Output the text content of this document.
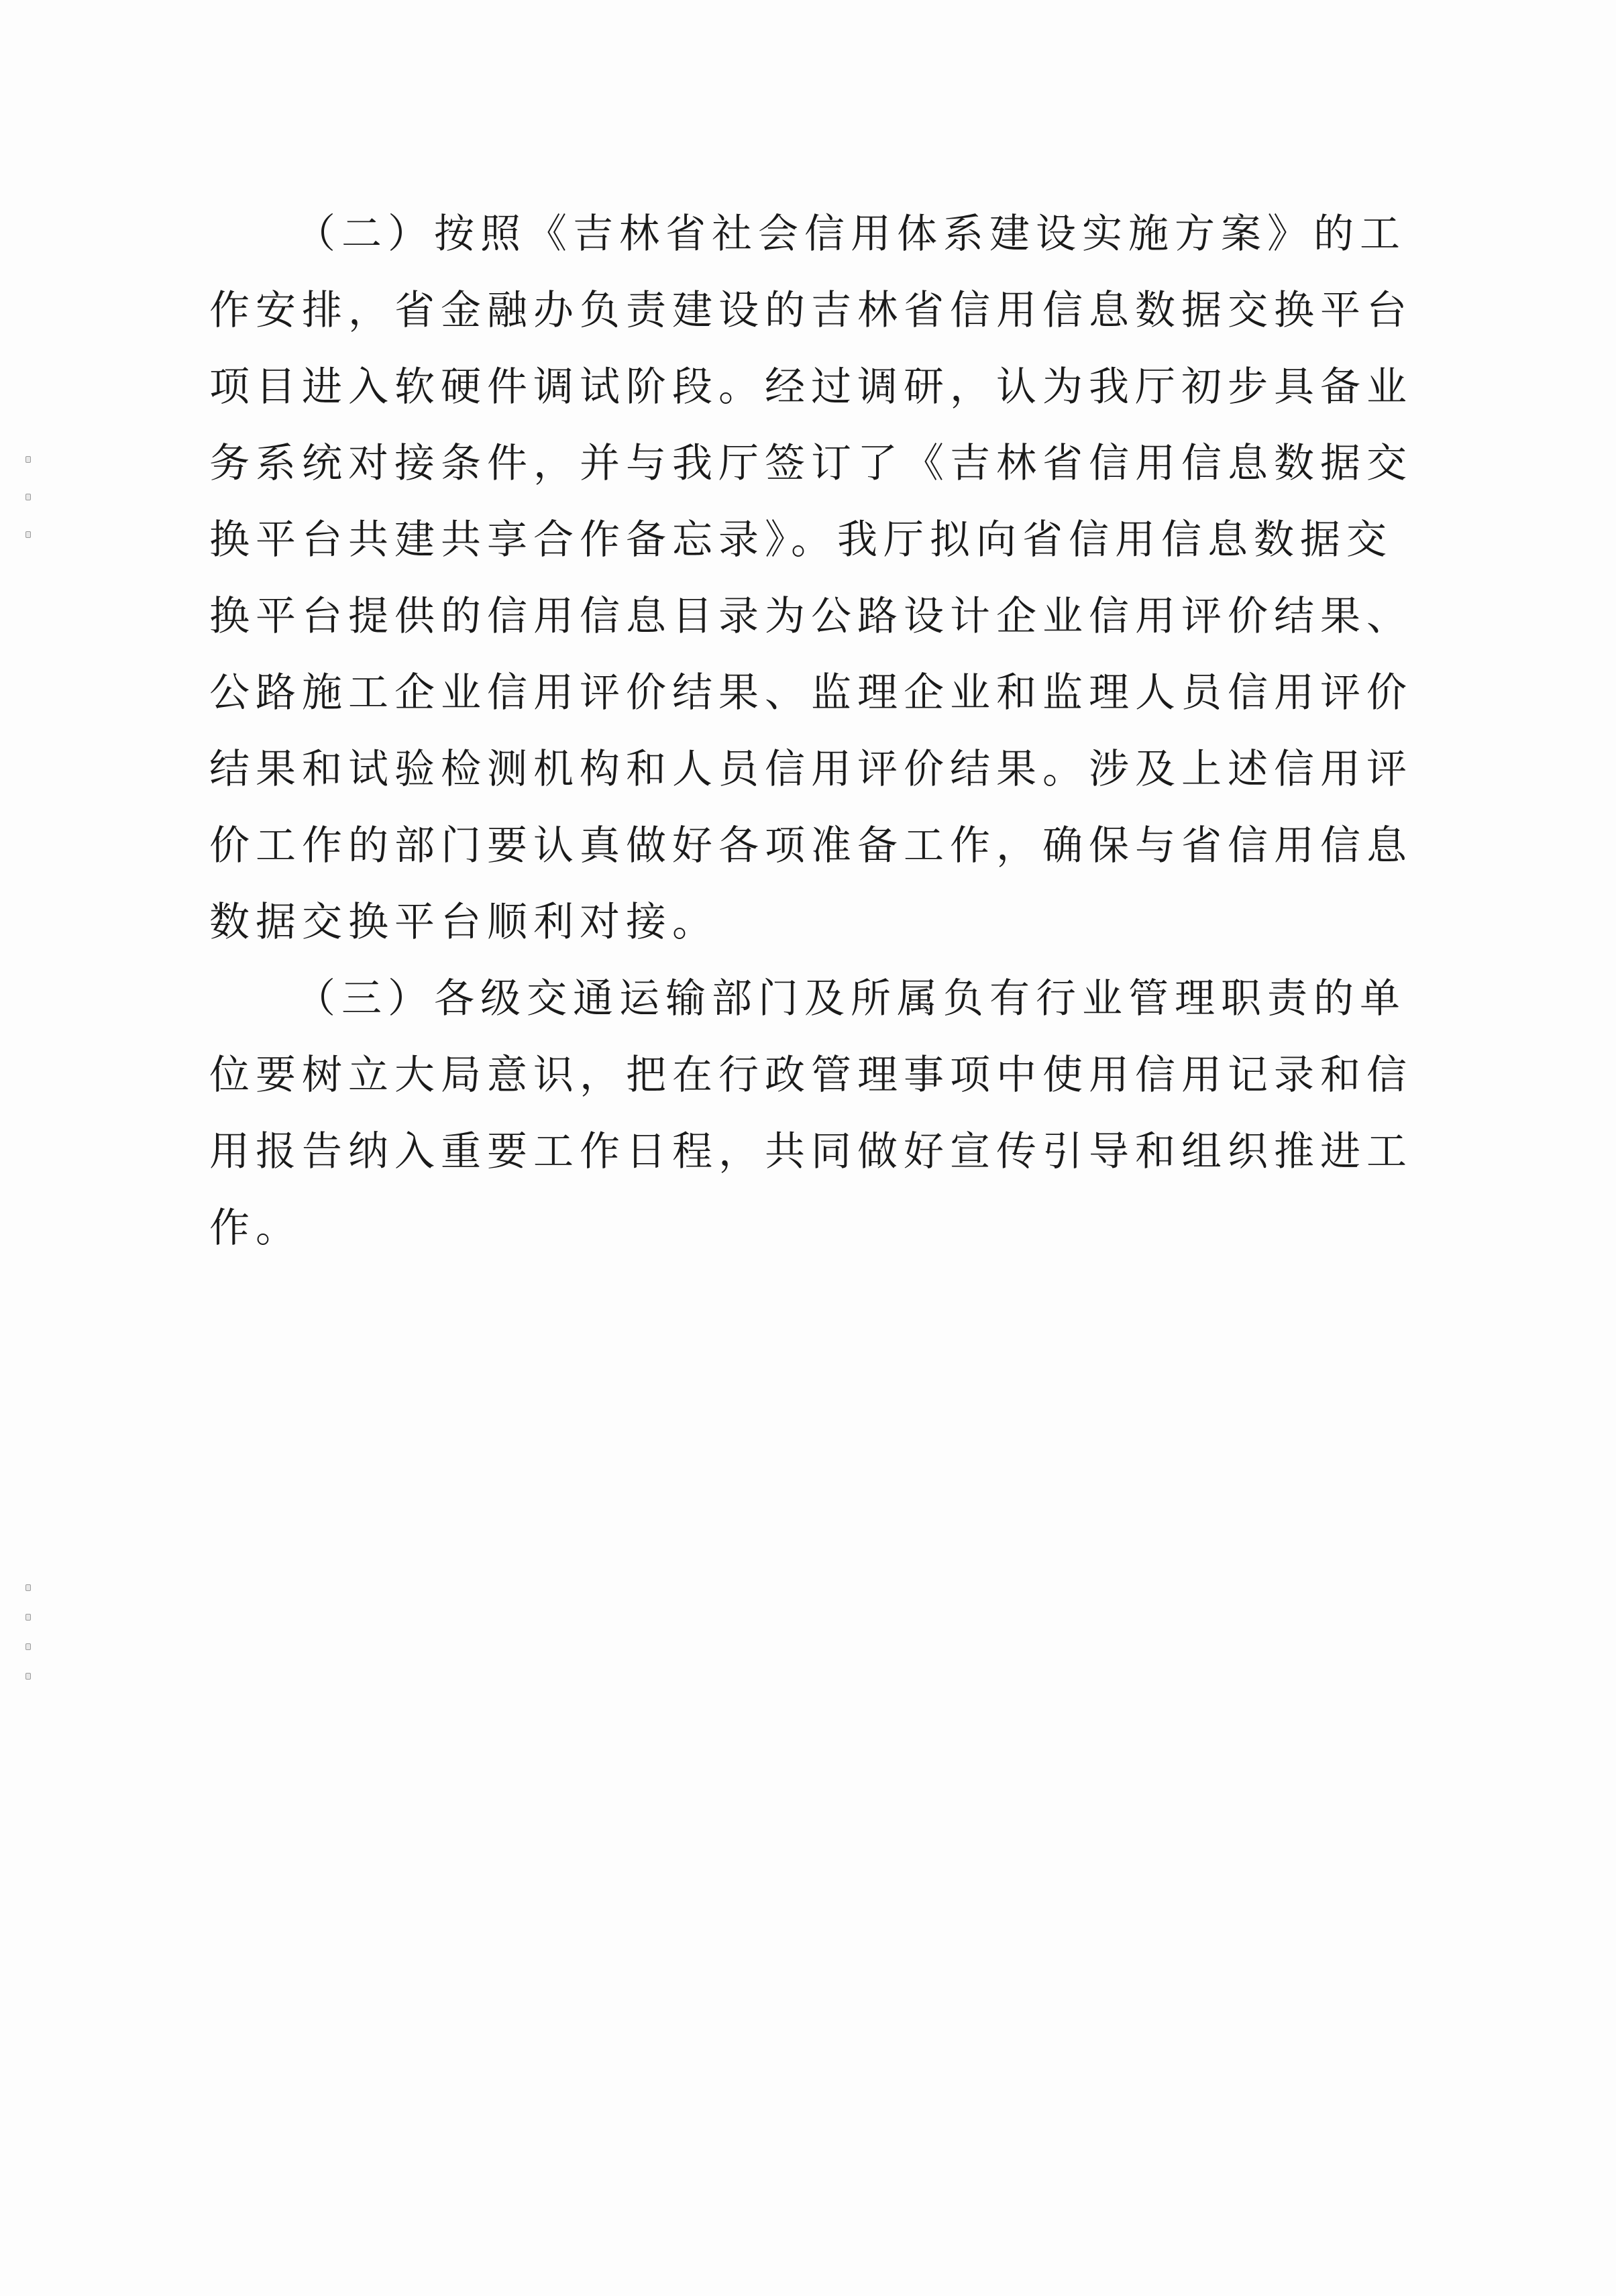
（二）按照《吉林省社会信用体系建设实施方案》的工
作安排，省金融办负责建设的吉林省信用信息数据交换平台
项目进入软硬件调试阶段。经过调研，认为我厅初步具备业
务系统对接条件，并与我厅签订了《吉林省信用信息数据交
换平台共建共享合作备忘录》。我厅拟向省信用信息数据交
换平台提供的信用信息目录为公路设计企业信用评价结果、
公路施工企业信用评价结果、监理企业和监理人员信用评价
结果和试验检测机构和人员信用评价结果。涉及上述信用评
价工作的部门要认真做好各项准备工作，确保与省信用信息
数据交换平台顺利对接。
（三）各级交通运输部门及所属负有行业管理职责的单
位要树立大局意识，把在行政管理事项中使用信用记录和信
用报告纳入重要工作日程，共同做好宣传引导和组织推进工
作。
